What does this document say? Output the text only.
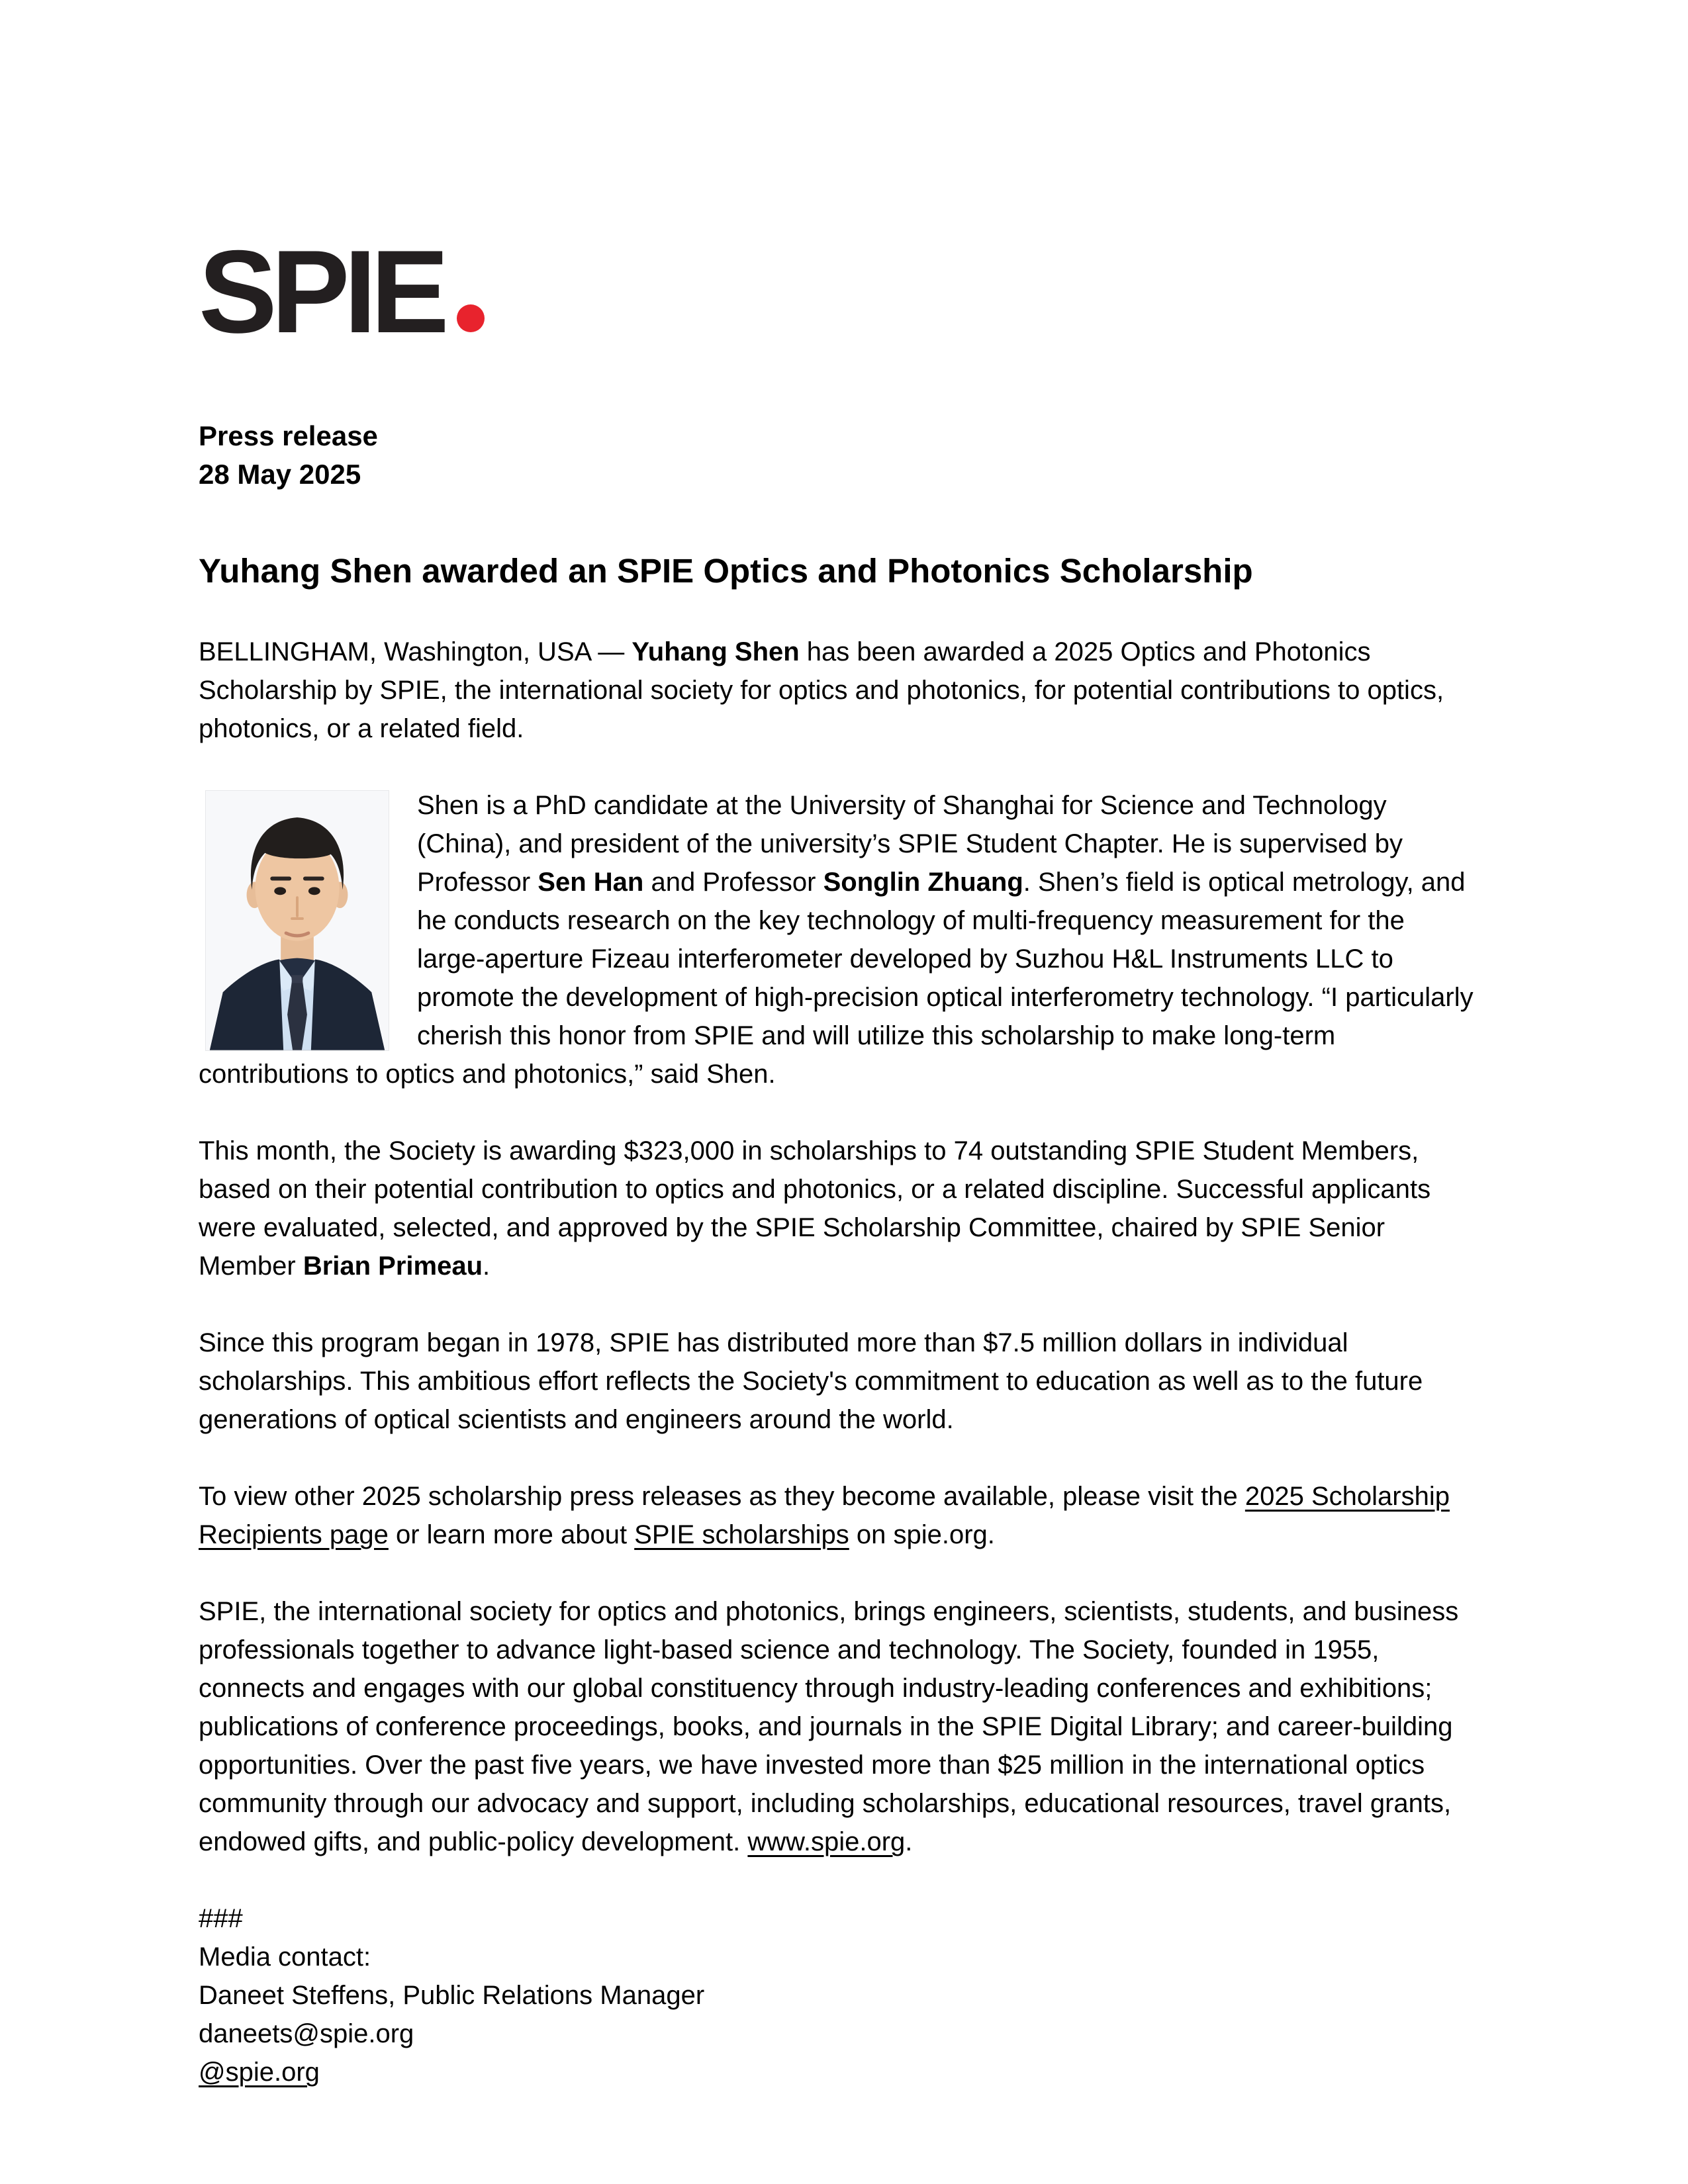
SPIE
Press release
28 May 2025
Yuhang Shen awarded an SPIE Optics and Photonics Scholarship

BELLINGHAM, Washington, USA — Yuhang Shen has been awarded a 2025 Optics and Photonics Scholarship by SPIE, the international society for optics and photonics, for potential contributions to optics, photonics, or a related field.

Shen is a PhD candidate at the University of Shanghai for Science and Technology (China), and president of the university’s SPIE Student Chapter. He is supervised by Professor Sen Han and Professor Songlin Zhuang. Shen’s field is optical metrology, and he conducts research on the key technology of multi-frequency measurement for the large-aperture Fizeau interferometer developed by Suzhou H&L Instruments LLC to promote the development of high-precision optical interferometry technology. “I particularly cherish this honor from SPIE and will utilize this scholarship to make long-term contributions to optics and photonics,” said Shen.

This month, the Society is awarding $323,000 in scholarships to 74 outstanding SPIE Student Members, based on their potential contribution to optics and photonics, or a related discipline. Successful applicants were evaluated, selected, and approved by the SPIE Scholarship Committee, chaired by SPIE Senior Member Brian Primeau.

Since this program began in 1978, SPIE has distributed more than $7.5 million dollars in individual scholarships. This ambitious effort reflects the Society's commitment to education as well as to the future generations of optical scientists and engineers around the world.

To view other 2025 scholarship press releases as they become available, please visit the 2025 Scholarship Recipients page or learn more about SPIE scholarships on spie.org.

SPIE, the international society for optics and photonics, brings engineers, scientists, students, and business professionals together to advance light-based science and technology. The Society, founded in 1955, connects and engages with our global constituency through industry-leading conferences and exhibitions; publications of conference proceedings, books, and journals in the SPIE Digital Library; and career-building opportunities. Over the past five years, we have invested more than $25 million in the international optics community through our advocacy and support, including scholarships, educational resources, travel grants, endowed gifts, and public-policy development. www.spie.org.

###
Media contact:
Daneet Steffens, Public Relations Manager
daneets@spie.org
@spie.org
